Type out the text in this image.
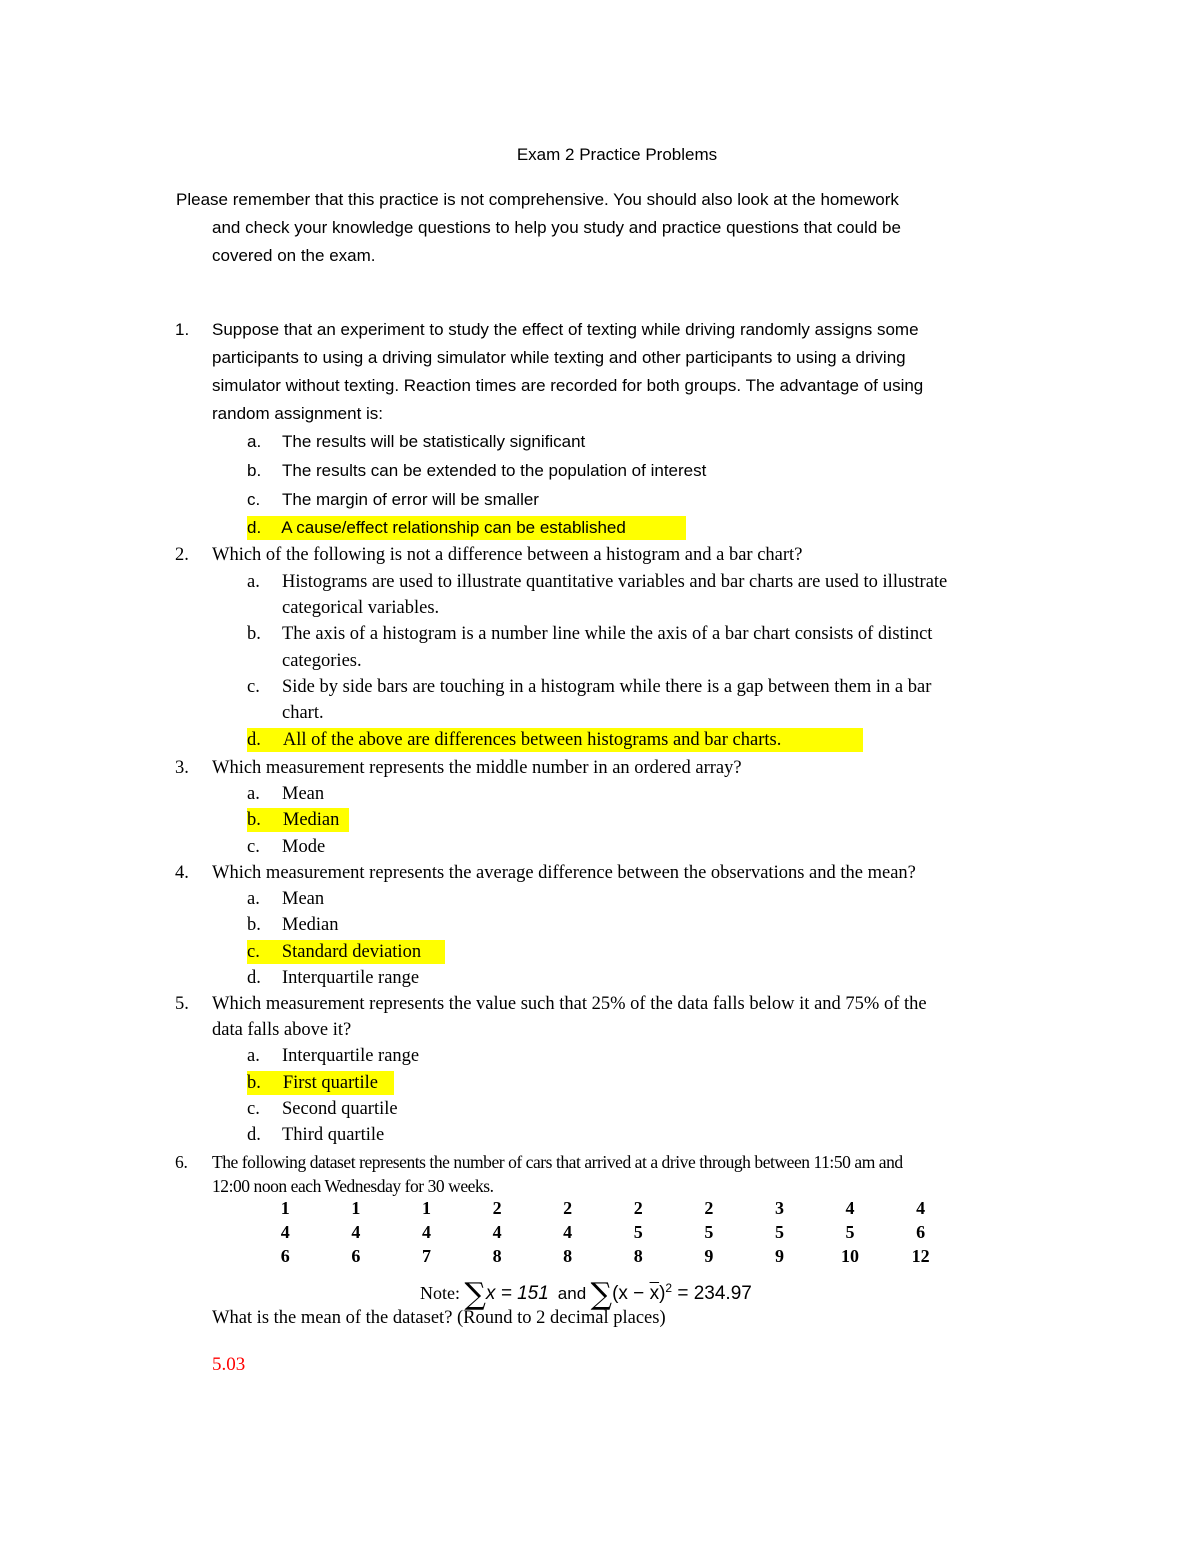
Exam 2 Practice Problems
Please remember that this practice is not comprehensive. You should also look at the homework
and check your knowledge questions to help you study and practice questions that could be
covered on the exam.
1. Suppose that an experiment to study the effect of texting while driving randomly assigns some
participants to using a driving simulator while texting and other participants to using a driving
simulator without texting. Reaction times are recorded for both groups. The advantage of using
random assignment is:
a. The results will be statistically significant
b. The results can be extended to the population of interest
c. The margin of error will be smaller
d. A cause/effect relationship can be established
2. Which of the following is not a difference between a histogram and a bar chart?
a. Histograms are used to illustrate quantitative variables and bar charts are used to illustrate
categorical variables.
b. The axis of a histogram is a number line while the axis of a bar chart consists of distinct
categories.
c. Side by side bars are touching in a histogram while there is a gap between them in a bar
chart.
d. All of the above are differences between histograms and bar charts.
3. Which measurement represents the middle number in an ordered array?
a. Mean
b. Median
c. Mode
4. Which measurement represents the average difference between the observations and the mean?
a. Mean
b. Median
c. Standard deviation
d. Interquartile range
5. Which measurement represents the value such that 25% of the data falls below it and 75% of the
data falls above it?
a. Interquartile range
b. First quartile
c. Second quartile
d. Third quartile
6. The following dataset represents the number of cars that arrived at a drive through between 11:50 am and
12:00 noon each Wednesday for 30 weeks.
1	1	1	2	2	2	2	3	4	4
4	4	4	4	4	5	5	5	5	6
6	6	7	8	8	8	9	9	10	12
Note: ∑x = 151 and $\sum(x - \overline{x})^2 = 234.97$
What is the mean of the dataset? (Round to 2 decimal places)
5.03
